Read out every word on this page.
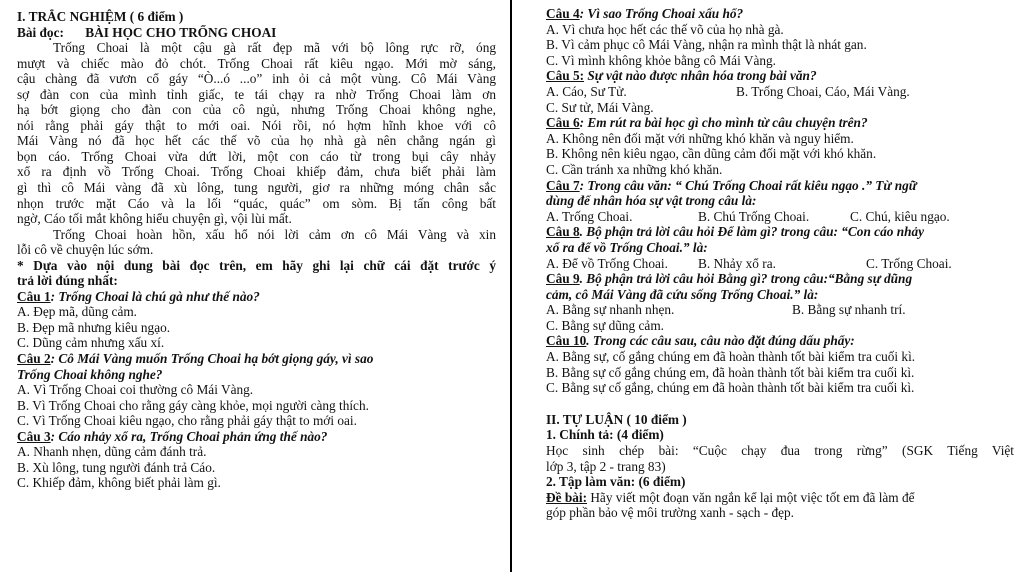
I. TRẮC NGHIỆM ( 6 điểm )
Bài đọc: BÀI HỌC CHO TRỐNG CHOAI
Trống Choai là một cậu gà rất đẹp mã với bộ lông rực rỡ, óng
mượt và chiếc mào đỏ chót. Trống Choai rất kiêu ngạo. Mới mờ sáng,
cậu chàng đã vươn cổ gáy “Ò...ó ...o” inh ỏi cả một vùng. Cô Mái Vàng
sợ đàn con của mình tỉnh giấc, te tái chạy ra nhờ Trống Choai làm ơn
hạ bớt giọng cho đàn con của cô ngủ, nhưng Trống Choai không nghe,
nói rằng phải gáy thật to mới oai. Nói rồi, nó hợm hĩnh khoe với cô
Mái Vàng nó đã học hết các thế võ của họ nhà gà nên chẳng ngán gì
bọn cáo. Trống Choai vừa dứt lời, một con cáo từ trong bụi cây nhảy
xổ ra định vồ Trống Choai. Trống Choai khiếp đảm, chưa biết phải làm
gì thì cô Mái vàng đã xù lông, tung người, giơ ra những móng chân sắc
nhọn trước mặt Cáo và la lối “quác, quác” om sòm. Bị tấn công bất
ngờ, Cáo tối mắt không hiểu chuyện gì, vội lùi mất.
Trống Choai hoàn hồn, xấu hổ nói lời cảm ơn cô Mái Vàng và xin
lỗi cô về chuyện lúc sớm.
* Dựa vào nội dung bài đọc trên, em hãy ghi lại chữ cái đặt trước ý
trả lời đúng nhất:
Câu 1: Trống Choai là chú gà như thế nào?
A. Đẹp mã, dũng cảm.
B. Đẹp mã nhưng kiêu ngạo.
C. Dũng cảm nhưng xấu xí.
Câu 2: Cô Mái Vàng muốn Trống Choai hạ bớt giọng gáy, vì sao
Trống Choai không nghe?
A. Vì Trống Choai coi thường cô Mái Vàng.
B. Vì Trống Choai cho rằng gáy càng khỏe, mọi người càng thích.
C. Vì Trống Choai kiêu ngạo, cho rằng phải gáy thật to mới oai.
Câu 3: Cáo nhảy xổ ra, Trống Choai phản ứng thế nào?
A. Nhanh nhẹn, dũng cảm đánh trả.
B. Xù lông, tung người đánh trả Cáo.
C. Khiếp đảm, không biết phải làm gì.
Câu 4: Vì sao Trống Choai xấu hổ?
A. Vì chưa học hết các thế võ của họ nhà gà.
B. Vì cảm phục cô Mái Vàng, nhận ra mình thật là nhát gan.
C. Vì mình không khỏe bằng cô Mái Vàng.
Câu 5: Sự vật nào được nhân hóa trong bài văn?
A. Cáo, Sư Tử.	B. Trống Choai, Cáo, Mái Vàng.
C. Sư tử, Mái Vàng.
Câu 6: Em rút ra bài học gì cho mình từ câu chuyện trên?
A. Không nên đối mặt với những khó khăn và nguy hiểm.
B. Không nên kiêu ngạo, cần dũng cảm đối mặt với khó khăn.
C. Cần tránh xa những khó khăn.
Câu 7: Trong câu văn: “ Chú Trống Choai rất kiêu ngạo .” Từ ngữ
dùng để nhân hóa sự vật trong câu là:
A. Trống Choai.	B. Chú Trống Choai.	C. Chú, kiêu ngạo.
Câu 8. Bộ phận trả lời câu hỏi Để làm gì? trong câu: “Con cáo nhảy
xổ ra để vồ Trống Choai.” là:
A. Để vồ Trống Choai. B. Nhảy xổ ra.	C. Trống Choai.
Câu 9. Bộ phận trả lời câu hỏi Bằng gì? trong câu:“Bằng sự dũng
cảm, cô Mái Vàng đã cứu sống Trống Choai.” là:
A. Bằng sự nhanh nhẹn.	B. Bằng sự nhanh trí.
C. Bằng sự dũng cảm.
Câu 10. Trong các câu sau, câu nào đặt đúng dấu phẩy:
A. Bằng sự, cố gắng chúng em đã hoàn thành tốt bài kiểm tra cuối kì.
B. Bằng sự cố gắng chúng em, đã hoàn thành tốt bài kiểm tra cuối kì.
C. Bằng sự cố gắng, chúng em đã hoàn thành tốt bài kiểm tra cuối kì.
II. TỰ LUẬN ( 10 điểm )
1. Chính tả: (4 điểm)
Học sinh chép bài: “Cuộc chạy đua trong rừng” (SGK Tiếng Việt
lớp 3, tập 2 - trang 83)
2. Tập làm văn: (6 điểm)
Đề bài: Hãy viết một đoạn văn ngắn kể lại một việc tốt em đã làm để
góp phần bảo vệ môi trường xanh - sạch - đẹp.
